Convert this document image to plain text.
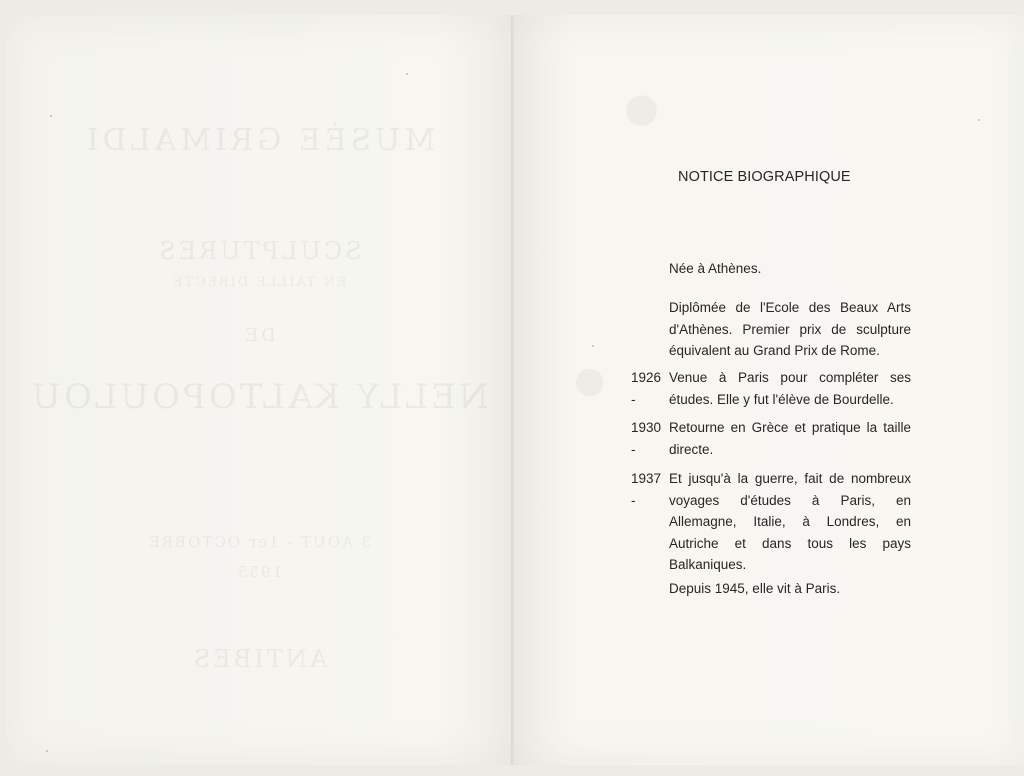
MUSÉE GRIMALDI
SCULPTURES
EN TAILLE DIRECTE
DE
NELLY KALTOPOULOU
3 AOUT - 1er OCTOBRE
1955
ANTIBES
NOTICE BIOGRAPHIQUE

Née à Athènes.

Diplômée de l'Ecole des Beaux Arts d'Athènes. Premier prix de sculpture équivalent au Grand Prix de Rome.

1926 -

Venue à Paris pour compléter ses études. Elle y fut l'élève de Bourdelle.

1930 -

Retourne en Grèce et pratique la taille directe.

1937 -

Et jusqu'à la guerre, fait de nombreux voyages d'études à Paris, en Allemagne, Italie, à Londres, en Autriche et dans tous les pays Balkaniques.

Depuis 1945, elle vit à Paris.
